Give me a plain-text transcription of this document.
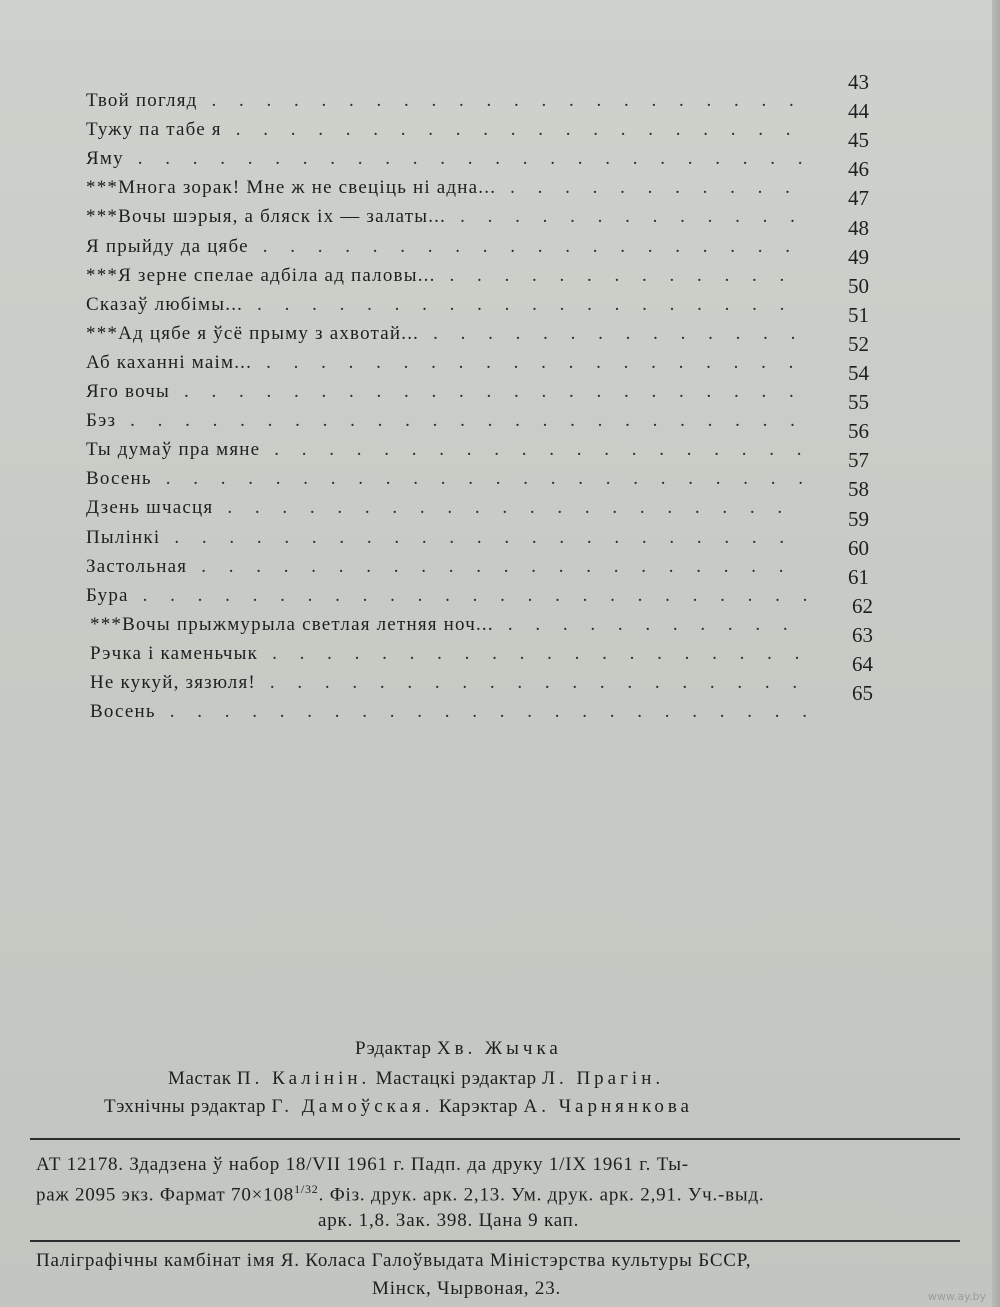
Твой погляд
43
. . . . . . . . . . . . . . . . . . . . . .
Тужу па табе я
44
. . . . . . . . . . . . . . . . . . . . .
Яму
45
. . . . . . . . . . . . . . . . . . . . . . . . .
***Многа зорак! Мне ж не свеціць ні адна...
46
. . . . . . . . . . .
***Вочы шэрыя, а бляск іх — залаты...
47
. . . . . . . . . . . . .
Я прыйду да цябе
48
. . . . . . . . . . . . . . . . . . . .
***Я зерне спелае адбіла ад паловы...
49
. . . . . . . . . . . . .
Сказаў любімы...
50
. . . . . . . . . . . . . . . . . . . .
***Ад цябе я ўсё прыму з ахвотай...
51
. . . . . . . . . . . . . .
Аб каханні маім...
52
. . . . . . . . . . . . . . . . . . . .
Яго вочы
54
. . . . . . . . . . . . . . . . . . . . . . .
Бэз
55
. . . . . . . . . . . . . . . . . . . . . . . . .
Ты думаў пра мяне
56
. . . . . . . . . . . . . . . . . . . .
Восень
57
. . . . . . . . . . . . . . . . . . . . . . . .
Дзень шчасця
58
. . . . . . . . . . . . . . . . . . . . .
Пылінкі
59
. . . . . . . . . . . . . . . . . . . . . . .
Застольная
60
. . . . . . . . . . . . . . . . . . . . . .
Бура
61
. . . . . . . . . . . . . . . . . . . . . . . . .
***Вочы прыжмурыла светлая летняя ноч...
62
. . . . . . . . . . .
Рэчка і каменьчык
63
. . . . . . . . . . . . . . . . . . . .
Не кукуй, зязюля!
64
. . . . . . . . . . . . . . . . . . . .
Восень
65
. . . . . . . . . . . . . . . . . . . . . . . .
Рэдактар Хв. Жычка
Мастак П. Калінін. Мастацкі рэдактар Л. Прагін.
Тэхнічны рэдактар Г. Дамоўская. Карэктар А. Чарнянкова
АТ 12178. Здадзена ў набор 18/VII 1961 г. Падп. да друку 1/IX 1961 г. Ты-
раж 2095 экз. Фармат $70\times 108^{1/32}$. Фіз. друк. арк. 2,13. Ум. друк. арк. 2,91. Уч.-выд.
арк. 1,8. Зак. 398. Цана 9 кап.
Паліграфічны камбінат імя Я. Коласа Галоўвыдата Міністэрства культуры БССР,
Мінск, Чырвоная, 23.	www.ay.by
